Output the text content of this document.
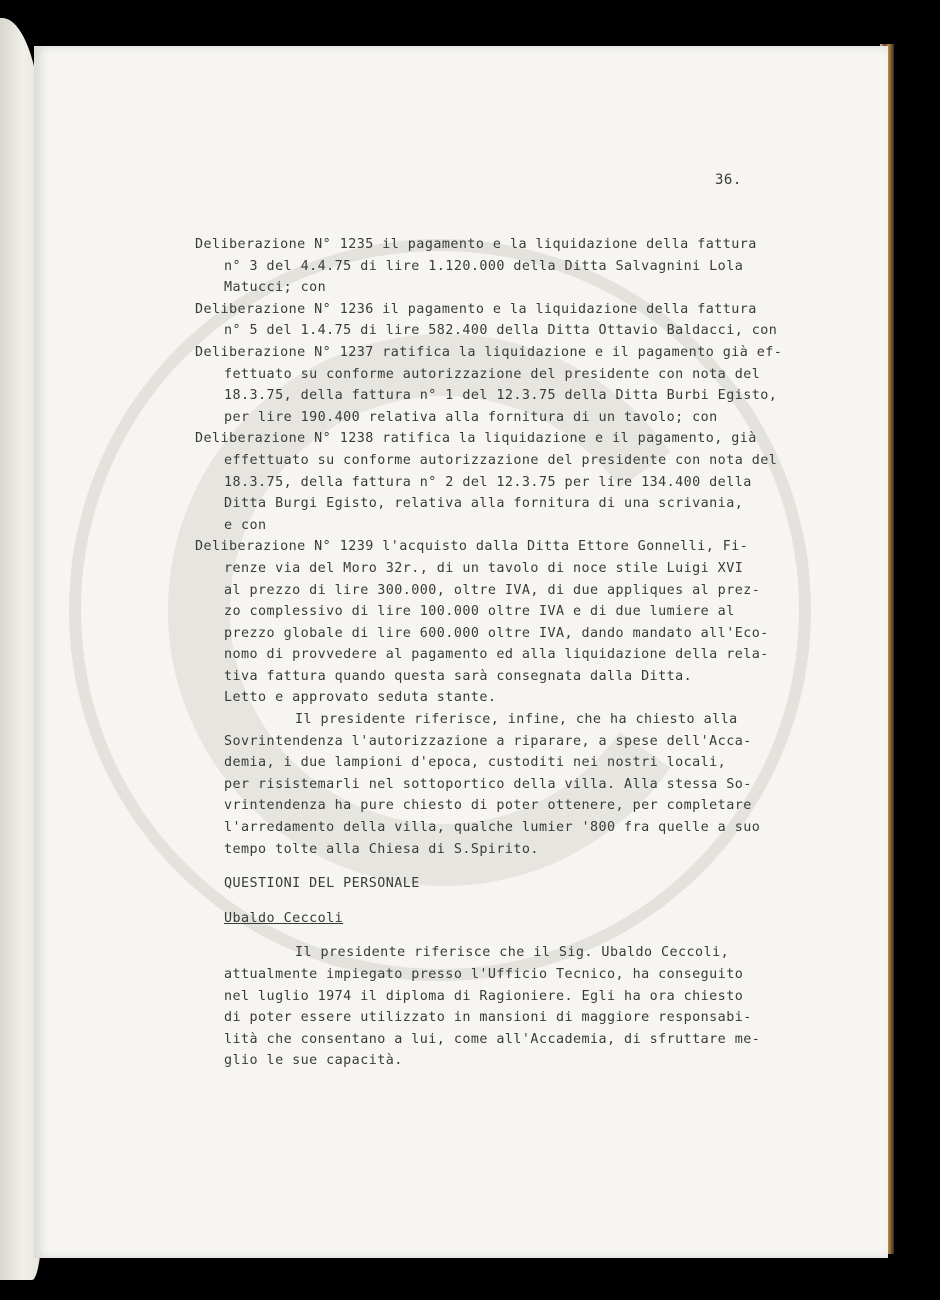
36.
Deliberazione N° 1235 il pagamento e la liquidazione della fattura
n° 3 del 4.4.75 di lire 1.120.000 della Ditta Salvagnini Lola
Matucci; con
Deliberazione N° 1236 il pagamento e la liquidazione della fattura
n° 5 del 1.4.75 di lire 582.400 della Ditta Ottavio Baldacci, con
Deliberazione N° 1237 ratifica la liquidazione e il pagamento già ef-
fettuato su conforme autorizzazione del presidente con nota del
18.3.75, della fattura n° 1 del 12.3.75 della Ditta Burbi Egisto,
per lire 190.400 relativa alla fornitura di un tavolo; con
Deliberazione N° 1238 ratifica la liquidazione e il pagamento, già
effettuato su conforme autorizzazione del presidente con nota del
18.3.75, della fattura n° 2 del 12.3.75 per lire 134.400 della
Ditta Burgi Egisto, relativa alla fornitura di una scrivania,
e con
Deliberazione N° 1239 l'acquisto dalla Ditta Ettore Gonnelli, Fi-
renze via del Moro 32r., di un tavolo di noce stile Luigi XVI
al prezzo di lire 300.000, oltre IVA, di due appliques al prez-
zo complessivo di lire 100.000 oltre IVA e di due lumiere al
prezzo globale di lire 600.000 oltre IVA, dando mandato all'Eco-
nomo di provvedere al pagamento ed alla liquidazione della rela-
tiva fattura quando questa sarà consegnata dalla Ditta.
Letto e approvato seduta stante.
Il presidente riferisce, infine, che ha chiesto alla
Sovrintendenza l'autorizzazione a riparare, a spese dell'Acca-
demia, i due lampioni d'epoca, custoditi nei nostri locali,
per risistemarli nel sottoportico della villa. Alla stessa So-
vrintendenza ha pure chiesto di poter ottenere, per completare
l'arredamento della villa, qualche lumier '800 fra quelle a suo
tempo tolte alla Chiesa di S.Spirito.
QUESTIONI DEL PERSONALE
Ubaldo Ceccoli
Il presidente riferisce che il Sig. Ubaldo Ceccoli,
attualmente impiegato presso l'Ufficio Tecnico, ha conseguito
nel luglio 1974 il diploma di Ragioniere. Egli ha ora chiesto
di poter essere utilizzato in mansioni di maggiore responsabi-
lità che consentano a lui, come all'Accademia, di sfruttare me-
glio le sue capacità.
